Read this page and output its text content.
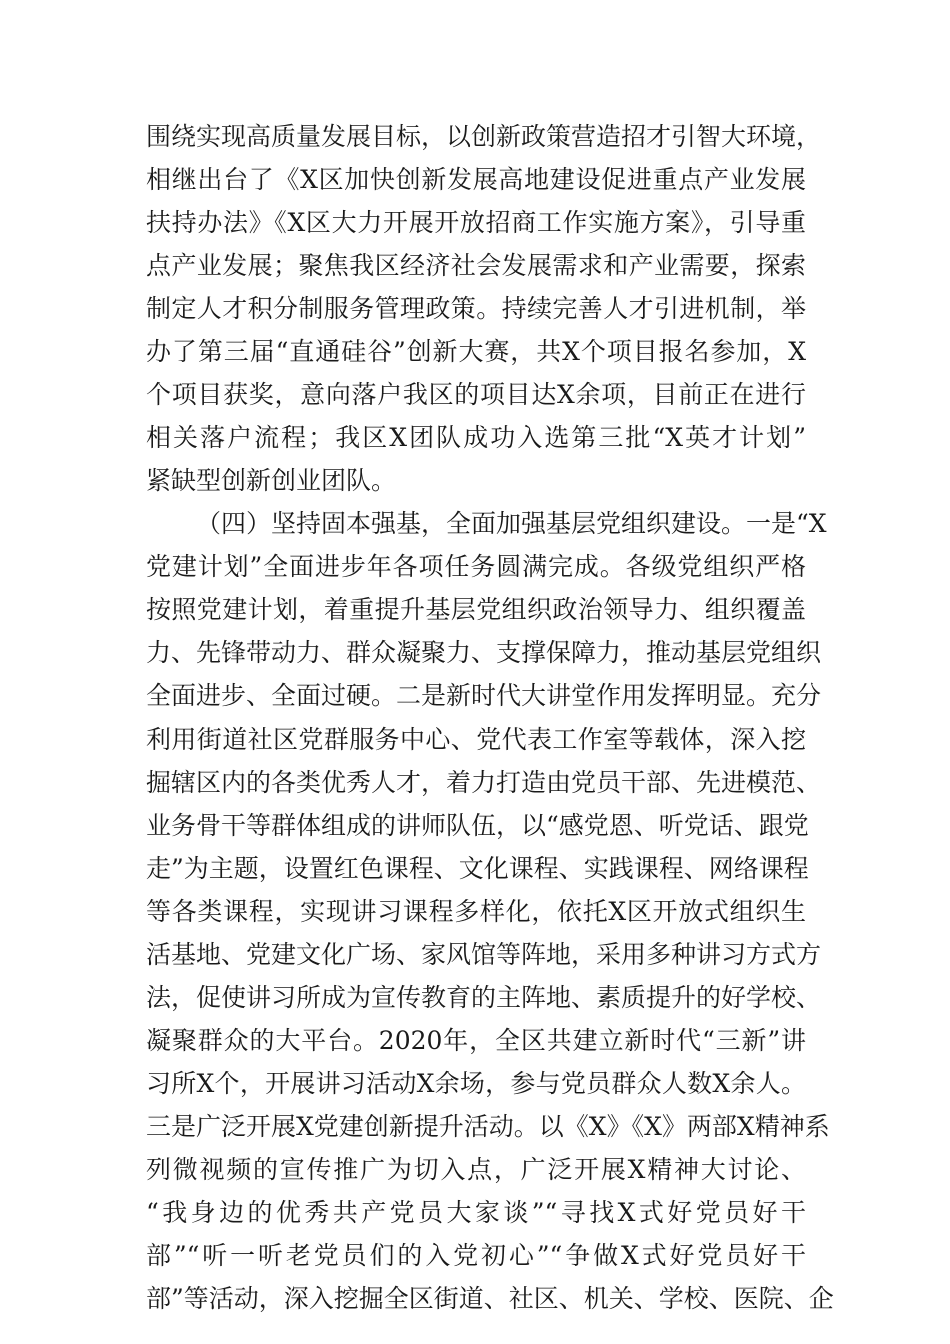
围绕实现高质量发展目标，以创新政策营造招才引智大环境，
相继出台了《X区加快创新发展高地建设促进重点产业发展
扶持办法》《X区大力开展开放招商工作实施方案》，引导重
点产业发展；聚焦我区经济社会发展需求和产业需要，探索
制定人才积分制服务管理政策。持续完善人才引进机制，举
办了第三届“直通硅谷”创新大赛，共X个项目报名参加，X
个项目获奖，意向落户我区的项目达X余项，目前正在进行
相关落户流程；我区X团队成功入选第三批“X英才计划”
紧缺型创新创业团队。
（四）坚持固本强基，全面加强基层党组织建设。一是“X
党建计划”全面进步年各项任务圆满完成。各级党组织严格
按照党建计划，着重提升基层党组织政治领导力、组织覆盖
力、先锋带动力、群众凝聚力、支撑保障力，推动基层党组织
全面进步、全面过硬。二是新时代大讲堂作用发挥明显。充分
利用街道社区党群服务中心、党代表工作室等载体，深入挖
掘辖区内的各类优秀人才，着力打造由党员干部、先进模范、
业务骨干等群体组成的讲师队伍，以“感党恩、听党话、跟党
走”为主题，设置红色课程、文化课程、实践课程、网络课程
等各类课程，实现讲习课程多样化，依托X区开放式组织生
活基地、党建文化广场、家风馆等阵地，采用多种讲习方式方
法，促使讲习所成为宣传教育的主阵地、素质提升的好学校、
凝聚群众的大平台。2020年，全区共建立新时代“三新”讲
习所X个，开展讲习活动X余场，参与党员群众人数X余人。
三是广泛开展X党建创新提升活动。以《X》《X》两部X精神系
列微视频的宣传推广为切入点，广泛开展X精神大讨论、
“我身边的优秀共产党员大家谈”“寻找X式好党员好干
部”“听一听老党员们的入党初心”“争做X式好党员好干
部”等活动，深入挖掘全区街道、社区、机关、学校、医院、企
